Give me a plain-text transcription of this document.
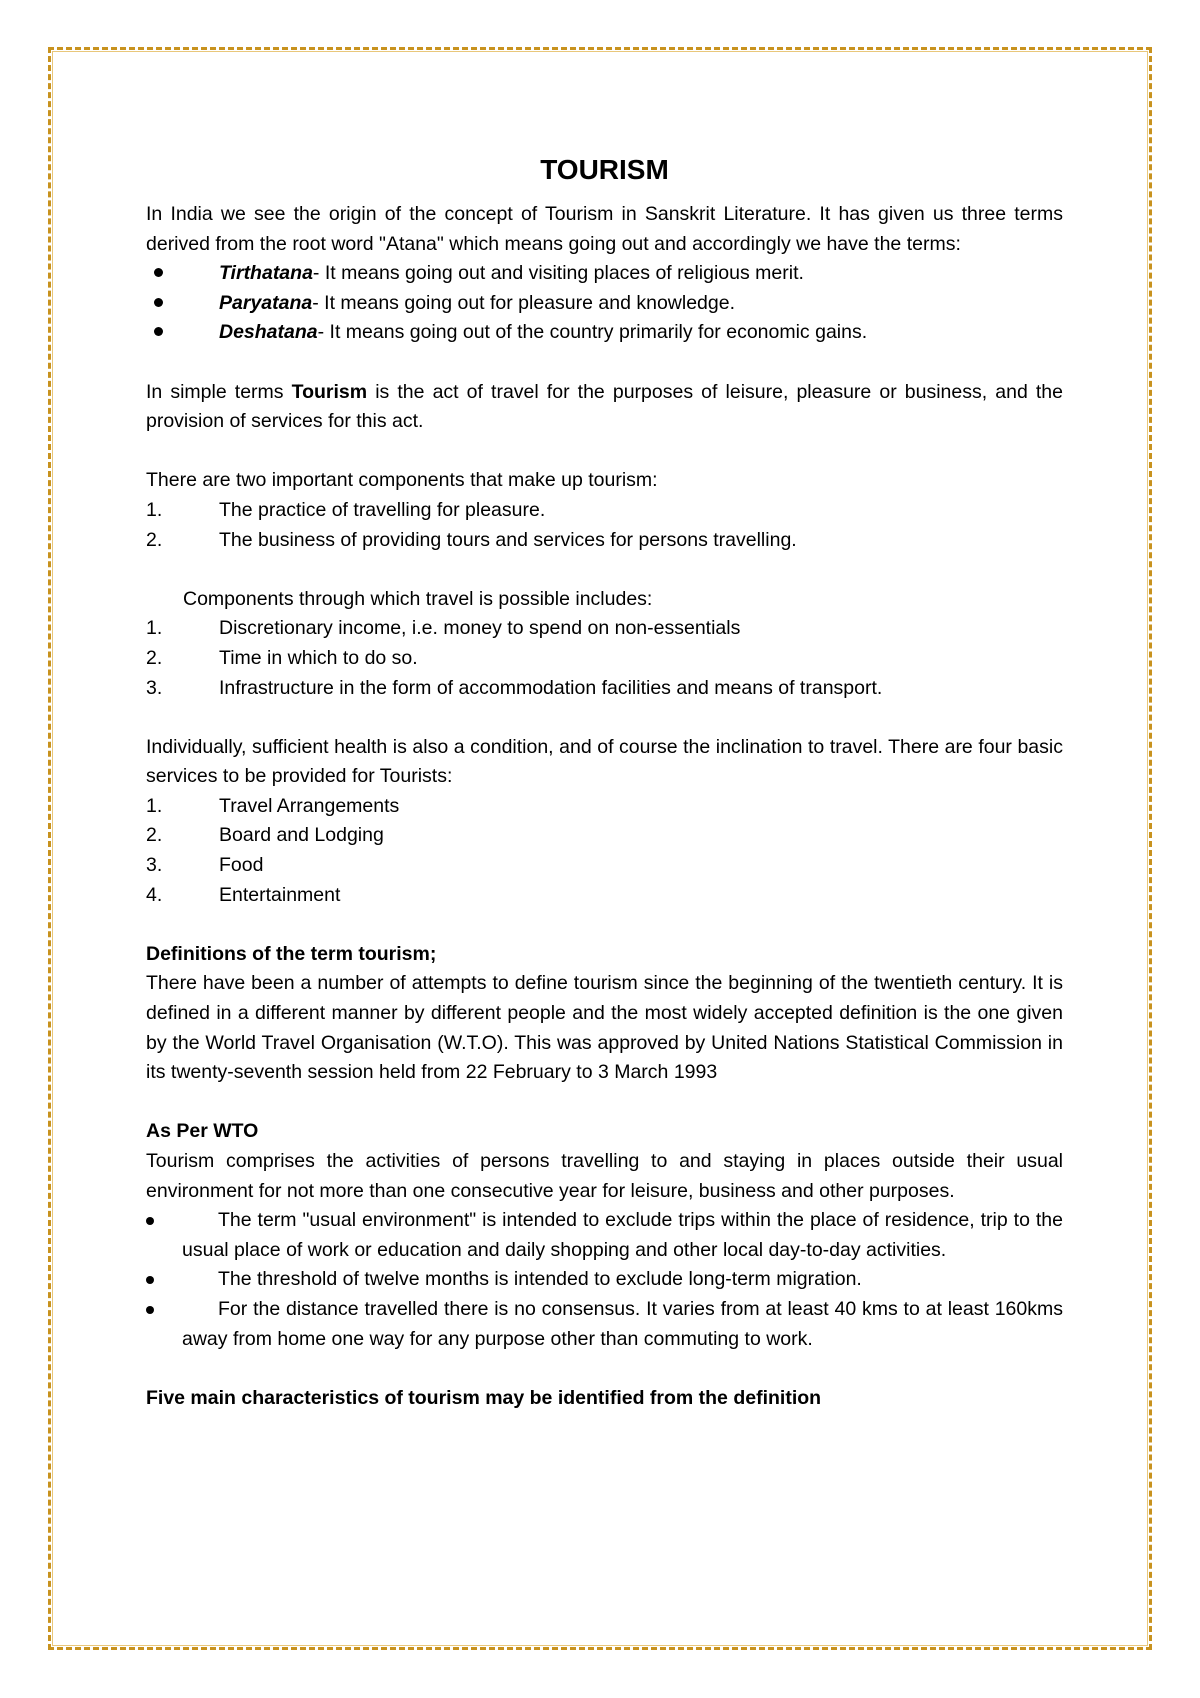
TOURISM

In India we see the origin of the concept of Tourism in Sanskrit Literature. It has given us three terms derived from the root word "Atana" which means going out and accordingly we have the terms:

Tirthatana- It means going out and visiting places of religious merit.
Paryatana- It means going out for pleasure and knowledge.
Deshatana- It means going out of the country primarily for economic gains.

In simple terms Tourism is the act of travel for the purposes of leisure, pleasure or business, and the provision of services for this act.

There are two important components that make up tourism:

1.	The practice of travelling for pleasure.
2.	The business of providing tours and services for persons travelling.

Components through which travel is possible includes:

1.	Discretionary income, i.e. money to spend on non-essentials
2.	Time in which to do so.
3.	Infrastructure in the form of accommodation facilities and means of transport.

Individually, sufficient health is also a condition, and of course the inclination to travel. There are four basic services to be provided for Tourists:

1.	Travel Arrangements
2.	Board and Lodging
3.	Food
4.	Entertainment

Definitions of the term tourism;

There have been a number of attempts to define tourism since the beginning of the twentieth century. It is defined in a different manner by different people and the most widely accepted definition is the one given by the World Travel Organisation (W.T.O). This was approved by United Nations Statistical Commission in its twenty-seventh session held from 22 February to 3 March 1993

As Per WTO

Tourism comprises the activities of persons travelling to and staying in places outside their usual environment for not more than one consecutive year for leisure, business and other purposes.

The term "usual environment" is intended to exclude trips within the place of residence, trip to the usual place of work or education and daily shopping and other local day-to-day activities.
The threshold of twelve months is intended to exclude long-term migration.
For the distance travelled there is no consensus. It varies from at least 40 kms to at least 160kms away from home one way for any purpose other than commuting to work.

Five main characteristics of tourism may be identified from the definition
